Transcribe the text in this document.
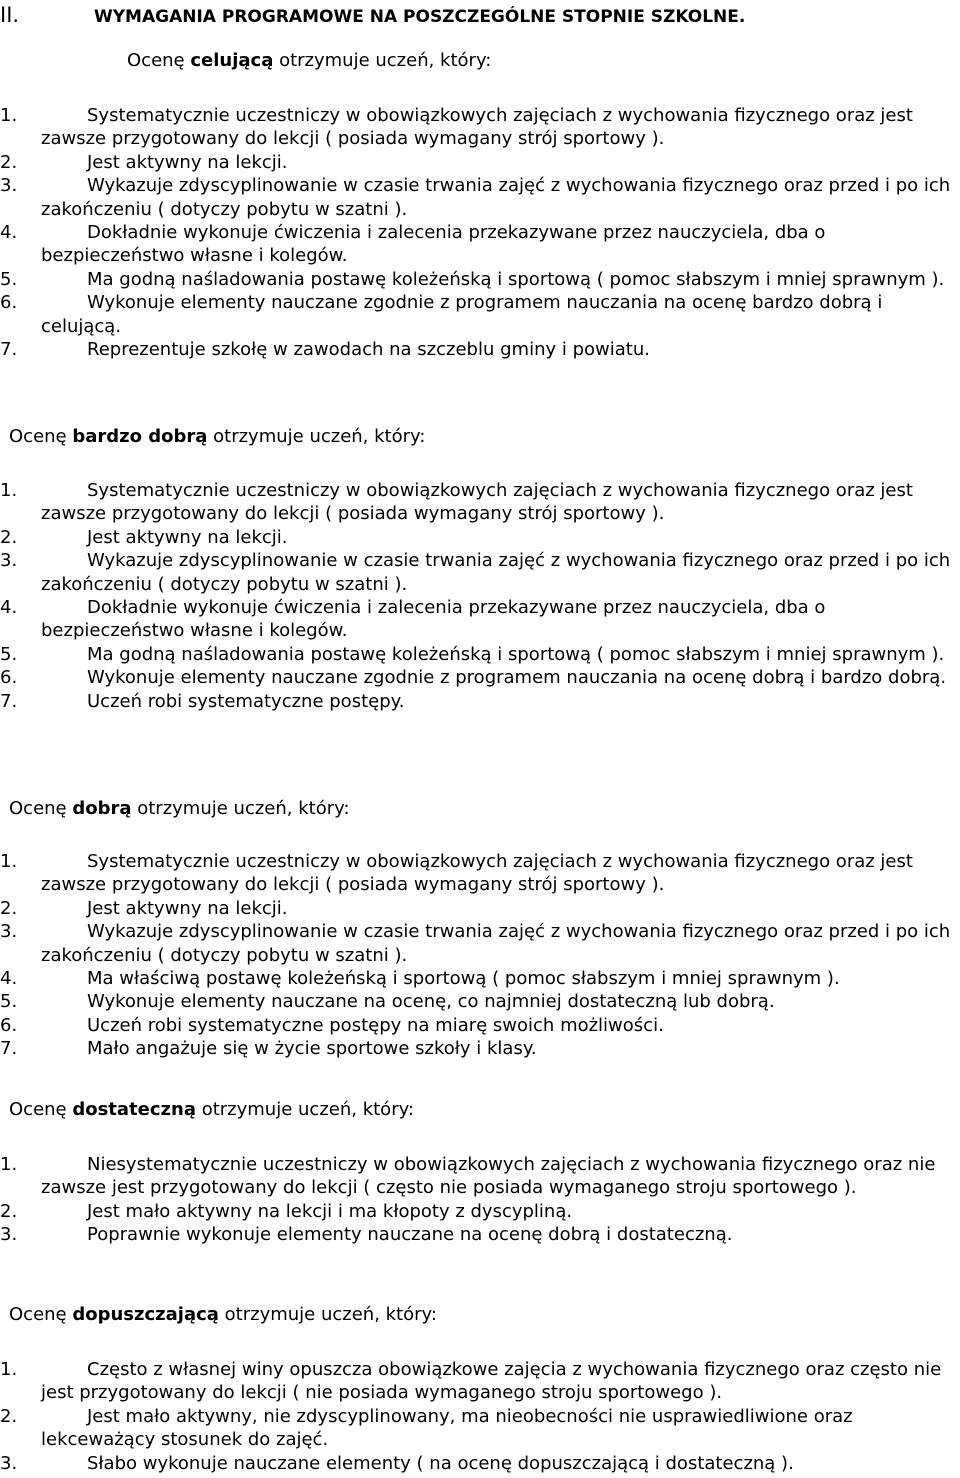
II.	WYMAGANIA PROGRAMOWE NA POSZCZEGÓLNE STOPNIE SZKOLNE.
Ocenę celującą otrzymuje uczeń, który:
1.	Systematycznie uczestniczy w obowiązkowych zajęciach z wychowania fizycznego oraz jest zawsze przygotowany do lekcji ( posiada wymagany strój sportowy ).
2.	Jest aktywny na lekcji.
3.	Wykazuje zdyscyplinowanie w czasie trwania zajęć z wychowania fizycznego oraz przed i po ich zakończeniu ( dotyczy pobytu w szatni ).
4.	Dokładnie wykonuje ćwiczenia i zalecenia przekazywane przez nauczyciela, dba o bezpieczeństwo własne i kolegów.
5.	Ma godną naśladowania postawę koleżeńską i sportową ( pomoc słabszym i mniej sprawnym ).
6.	Wykonuje elementy nauczane zgodnie z programem nauczania na ocenę bardzo dobrą i celującą.
7.	Reprezentuje szkołę w zawodach na szczeblu gminy i powiatu.
Ocenę bardzo dobrą otrzymuje uczeń, który:
1.	Systematycznie uczestniczy w obowiązkowych zajęciach z wychowania fizycznego oraz jest zawsze przygotowany do lekcji ( posiada wymagany strój sportowy ).
2.	Jest aktywny na lekcji.
3.	Wykazuje zdyscyplinowanie w czasie trwania zajęć z wychowania fizycznego oraz przed i po ich zakończeniu ( dotyczy pobytu w szatni ).
4.	Dokładnie wykonuje ćwiczenia i zalecenia przekazywane przez nauczyciela, dba o bezpieczeństwo własne i kolegów.
5.	Ma godną naśladowania postawę koleżeńską i sportową ( pomoc słabszym i mniej sprawnym ).
6.	Wykonuje elementy nauczane zgodnie z programem nauczania na ocenę dobrą i bardzo dobrą.
7.	Uczeń robi systematyczne postępy.
Ocenę dobrą otrzymuje uczeń, który:
1.	Systematycznie uczestniczy w obowiązkowych zajęciach z wychowania fizycznego oraz jest zawsze przygotowany do lekcji ( posiada wymagany strój sportowy ).
2.	Jest aktywny na lekcji.
3.	Wykazuje zdyscyplinowanie w czasie trwania zajęć z wychowania fizycznego oraz przed i po ich zakończeniu ( dotyczy pobytu w szatni ).
4.	Ma właściwą postawę koleżeńską i sportową ( pomoc słabszym i mniej sprawnym ).
5.	Wykonuje elementy nauczane na ocenę, co najmniej dostateczną lub dobrą.
6.	Uczeń robi systematyczne postępy na miarę swoich możliwości.
7.	Mało angażuje się w życie sportowe szkoły i klasy.
Ocenę dostateczną otrzymuje uczeń, który:
1.	Niesystematycznie uczestniczy w obowiązkowych zajęciach z wychowania fizycznego oraz nie zawsze jest przygotowany do lekcji ( często nie posiada wymaganego stroju sportowego ).
2.	Jest mało aktywny na lekcji i ma kłopoty z dyscypliną.
3.	Poprawnie wykonuje elementy nauczane na ocenę dobrą i dostateczną.
Ocenę dopuszczającą otrzymuje uczeń, który:
1.	Często z własnej winy opuszcza obowiązkowe zajęcia z wychowania fizycznego oraz często nie jest przygotowany do lekcji ( nie posiada wymaganego stroju sportowego ).
2.	Jest mało aktywny, nie zdyscyplinowany, ma nieobecności nie usprawiedliwione oraz lekceważący stosunek do zajęć.
3.	Słabo wykonuje nauczane elementy ( na ocenę dopuszczającą i dostateczną ).
